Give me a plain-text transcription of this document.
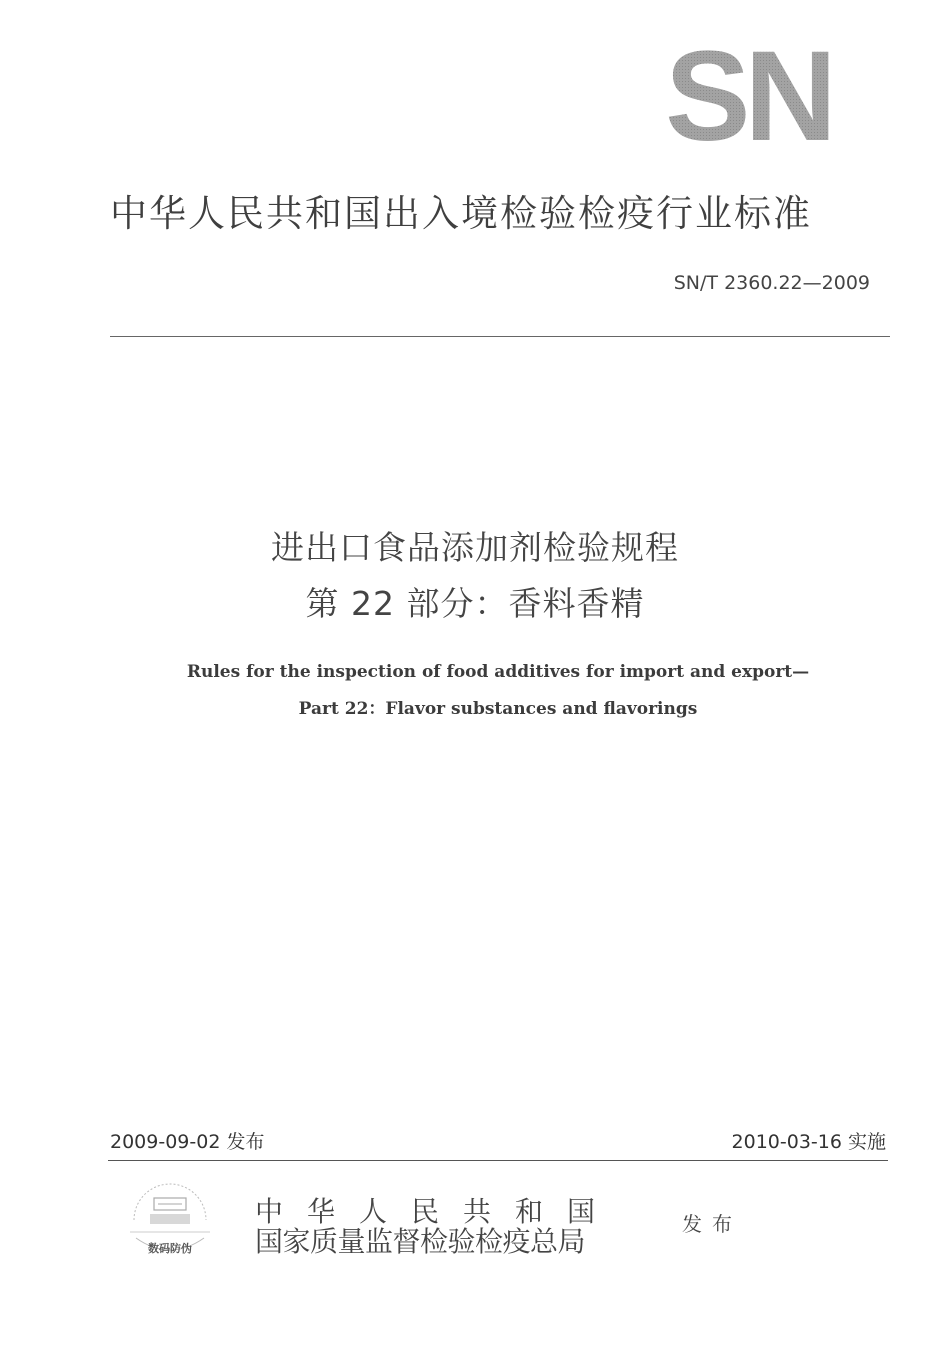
SN
中华人民共和国出入境检验检疫行业标准
SN/T 2360.22—2009
进出口食品添加剂检验规程
第 22 部分：香料香精
Rules for the inspection of food additives for import and export—
Part 22：Flavor substances and flavorings
2009-09-02 发布	2010-03-16 实施
数码防伪
中华人民共和国
国家质量监督检验检疫总局
发布
